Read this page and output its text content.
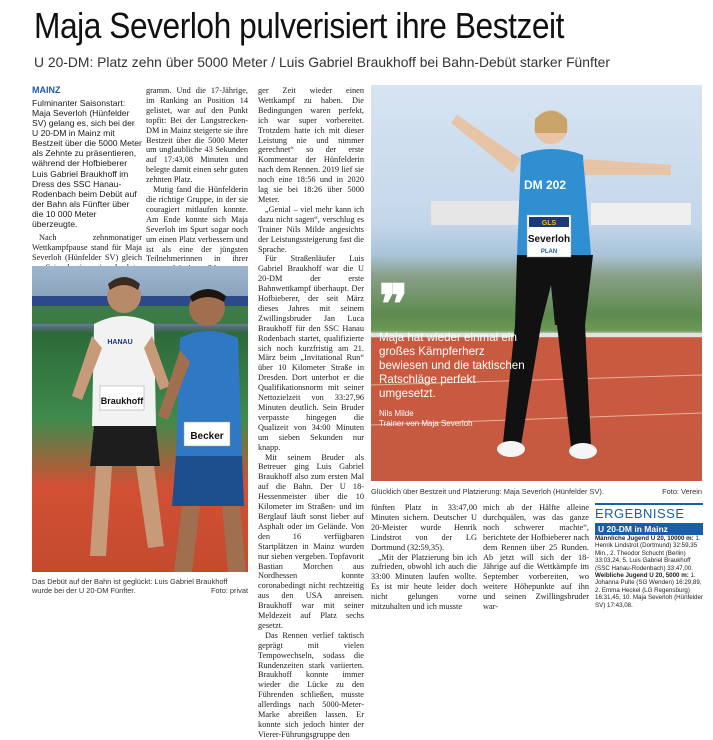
Maja Severloh pulverisiert ihre Bestzeit
U 20-DM: Platz zehn über 5000 Meter / Luis Gabriel Braukhoff bei Bahn-Debüt starker Fünfter
MAINZ
Fulminanter Saisonstart: Maja Severloh (Hünfelder SV) gelang es, sich bei der U 20-DM in Mainz mit Bestzeit über die 5000 Meter als Zehnte zu präsentieren, während der Hofbieberer Luis Gabriel Braukhoff im Dress des SSC Hanau-Rodenbach beim Debüt auf der Bahn als Fünfter über die 10 000 Meter überzeugte.

Nach zehnmonatiger Wettkampfpause stand für Maja Severloh (Hünfelder SV) gleich

gramm. Und die 17-Jährige, im Ranking an Position 14 gelistet, war auf den Punkt topfit: Bei der Langstrecken-DM in Mainz steigerte sie ihre Bestzeit über die 5000 Meter um unglaubliche 43 Sekunden auf 17:43,08 Minuten und belegte damit einen sehr guten zehnten Platz.

Mutig fand die Hünfelderin die richtige Gruppe, in der sie couragiert mitlaufen konnte. Am Ende konnte sich Maja Severloh im Spurt sogar noch um einen Platz verbessern und ist als eine der jüngsten Teilnehmerinnen in ihrer

ger Zeit wieder einen Wettkampf zu haben. Die Bedingungen waren perfekt, ich war super vorbereitet. Trotzdem hatte ich mit dieser Leistung nie und nimmer gerechnet“ so der erste Kommentar der Hünfelderin nach dem Rennen. 2019 lief sie noch eine 18:56 und in 2020 lag sie bei 18:26 über 5000 Meter.

„Genial – viel mehr kann ich dazu nicht sagen“, verschlug es Trainer Nils Milde angesichts der Leistungssteigerung fast die Sprache.

Für Straßenläufer Luis Gabriel Braukhoff war die U 20-DM der erste Bahnwettkampf überhaupt. Der Hofbieberer, der seit März dieses Jahres mit seinem Zwillingsbruder Jan Luca Braukhoff für den SSC Hanau Rodenbach startet, qualifizierte sich noch kurzfristig am 21. März beim „Invitational Run“ über 10 Kilometer Straße in Dresden. Dort unterbot er die Qualifikationsnorm mit seiner Nettozielzeit von 33:27,96 Minuten deutlich. Sein Bruder verpasste hingegen die Qualizeit von 34:00 Minuten um sieben Sekunden nur knapp.

Mit seinem Bruder als Betreuer ging Luis Gabriel Braukhoff also zum ersten Mal auf die Bahn. Der U 18-Hessenmeister über die 10 Kilometer im Straßen- und im Berglauf läuft sonst lieber auf Asphalt oder im Gelände. Von den 16 verfügbaren Startplätzen in Mainz wurden nur sieben vergeben. Topfavorit Bastian Morchen aus Nordhessen konnte coronabedingt nicht rechtzeitig aus den USA anreisen. Braukhoff war mit seiner Meldezeit auf Platz sechs gesetzt.

Das Rennen verlief taktisch geprägt mit vielen Tempowechseln, sodass die Rundenzeiten stark variierten. Braukhoff konnte immer wieder die Lücke zu den Führenden schließen, musste allerdings nach 5000-Meter-Marke abreißen lassen. Er konnte sich jedoch hinter der Vierer-Führungsgruppe den

fünften Platz in 33:47,00 Minuten sichern. Deutscher U 20-Meister wurde Henrik Lindstrot von der LG Dortmund (32:59,35).

„Mit der Platzierung bin ich zufrieden, obwohl ich auch die 33:00 Minuten laufen wollte. Es ist mir heute leider doch nicht gelungen vorne mitzuhalten und ich musste

mich ab der Hälfte alleine durchquälen, was das ganze noch schwerer machte“, berichtete der Hofbieberer nach dem Rennen über 25 Runden. Ab jetzt will sich der 18-Jährige auf die Wettkämpfe im September vorbereiten, wo weitere Höhepunkte auf ihn und seinen Zwillingsbruder war-

Braukhoff
HANAU
Becker
Das Debüt auf der Bahn ist geglückt: Luis Gabriel Braukhoff wurde bei der U 20-DM Fünfter.	Foto: privat
DM 202
GLS
Severloh
PLAN
❞
Maja hat wieder einmal ein großes Kämpferherz bewiesen und die taktischen Ratschläge perfekt umgesetzt.
Nils Milde
Trainer von Maja Severloh
Glücklich über Bestzeit und Platzierung: Maja Severloh (Hünfelder SV).	Foto: Verein
ERGEBNISSE
U 20-DM in Mainz
Männliche Jugend U 20, 10000 m: 1. Henrik Lindstrot (Dortmund) 32:59,35 Min., 2. Theodor Schucht (Berlin) 33:03,24, 5. Luis Gabriel Braukhoff (SSC Hanau-Rodenbach) 33:47,00. Weibliche Jugend U 20, 5000 m: 1. Johanna Pulte (SG Wenden) 16:29,89, 2. Emma Heckel (LG Regensburg) 16:31,45, 10. Maja Severloh (Hünfelder SV) 17:43,08.
